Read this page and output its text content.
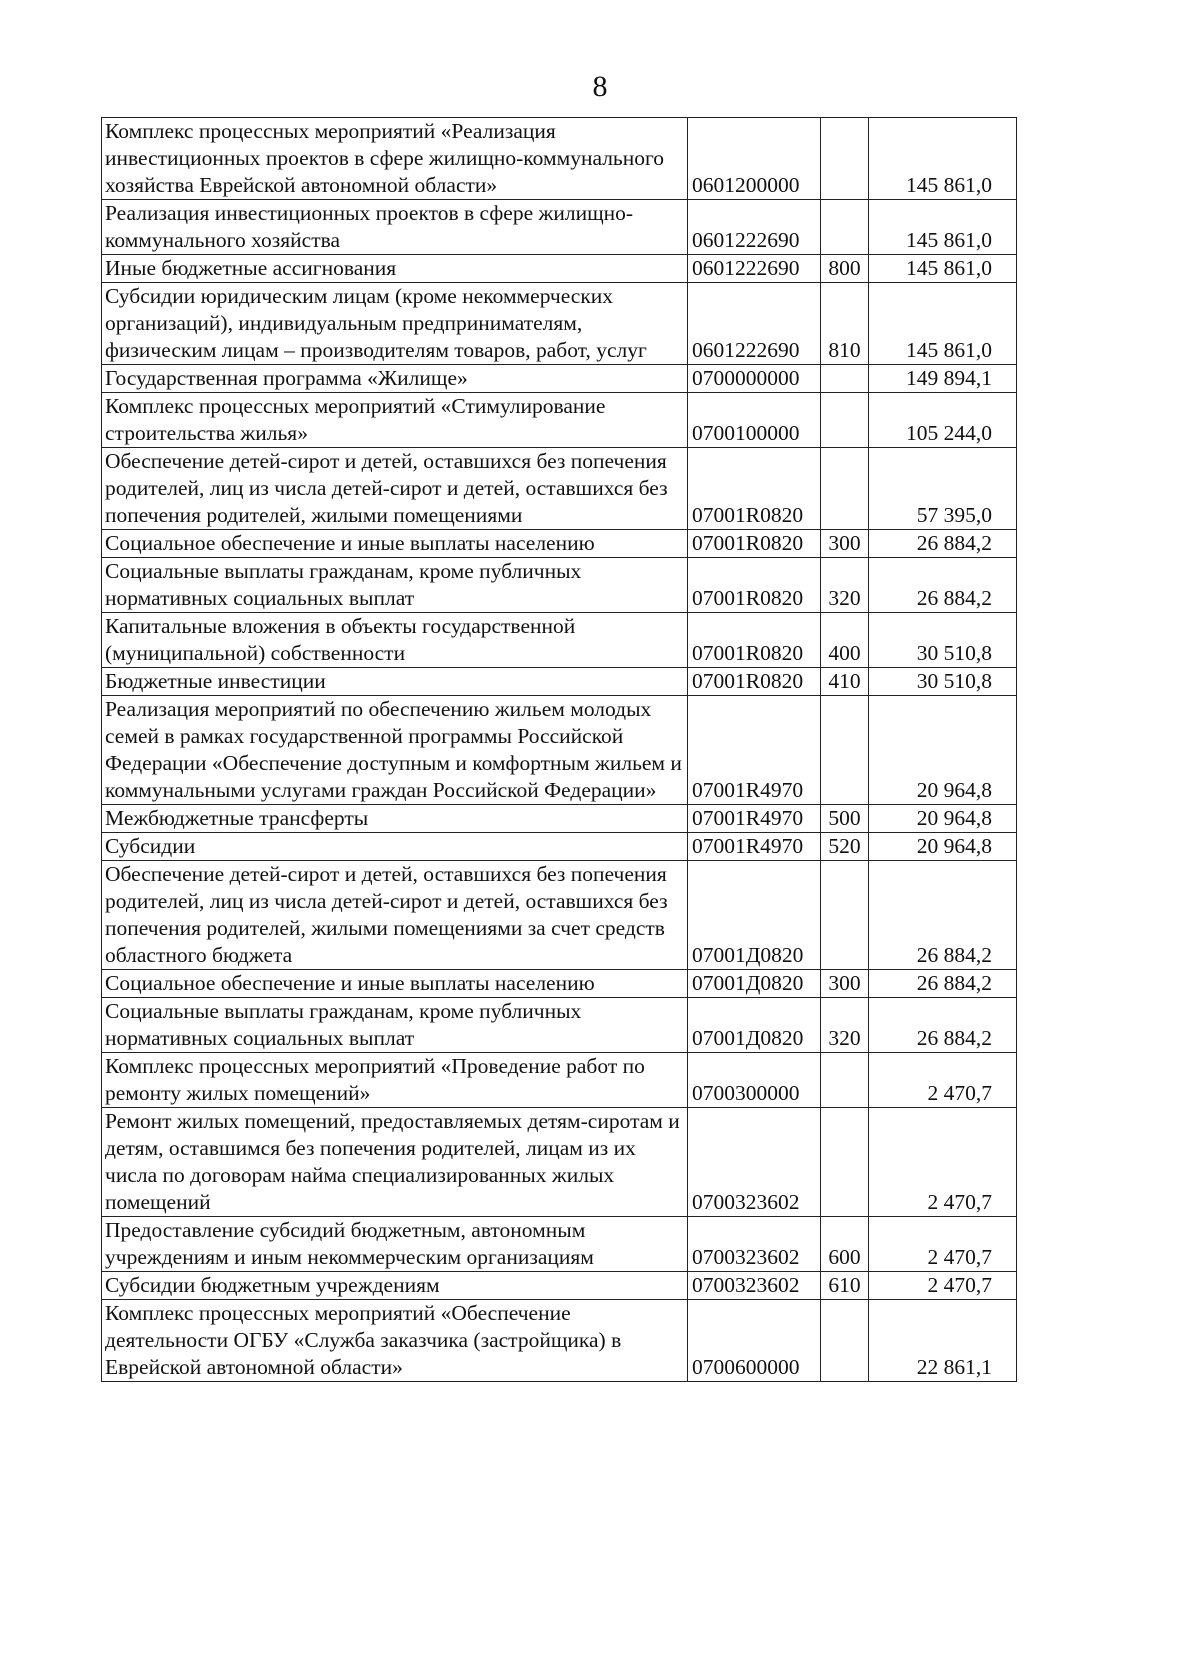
8
Комплекс процессных мероприятий «Реализация инвестиционных проектов в сфере жилищно-коммунального хозяйства Еврейской автономной области»	0601200000		145 861,0
Реализация инвестиционных проектов в сфере жилищно-коммунального хозяйства	0601222690		145 861,0
Иные бюджетные ассигнования	0601222690	800	145 861,0
Субсидии юридическим лицам (кроме некоммерческих организаций), индивидуальным предпринимателям, физическим лицам – производителям товаров, работ, услуг	0601222690	810	145 861,0
Государственная программа «Жилище»	0700000000		149 894,1
Комплекс процессных мероприятий «Стимулирование строительства жилья»	0700100000		105 244,0
Обеспечение детей-сирот и детей, оставшихся без попечения родителей, лиц из числа детей-сирот и детей, оставшихся без попечения родителей, жилыми помещениями	07001R0820		57 395,0
Социальное обеспечение и иные выплаты населению	07001R0820	300	26 884,2
Социальные выплаты гражданам, кроме публичных нормативных социальных выплат	07001R0820	320	26 884,2
Капитальные вложения в объекты государственной (муниципальной) собственности	07001R0820	400	30 510,8
Бюджетные инвестиции	07001R0820	410	30 510,8
Реализация мероприятий по обеспечению жильем молодых семей в рамках государственной программы Российской Федерации «Обеспечение доступным и комфортным жильем и коммунальными услугами граждан Российской Федерации»	07001R4970		20 964,8
Межбюджетные трансферты	07001R4970	500	20 964,8
Субсидии	07001R4970	520	20 964,8
Обеспечение детей-сирот и детей, оставшихся без попечения родителей, лиц из числа детей-сирот и детей, оставшихся без попечения родителей, жилыми помещениями за счет средств областного бюджета	07001Д0820		26 884,2
Социальное обеспечение и иные выплаты населению	07001Д0820	300	26 884,2
Социальные выплаты гражданам, кроме публичных нормативных социальных выплат	07001Д0820	320	26 884,2
Комплекс процессных мероприятий «Проведение работ по ремонту жилых помещений»	0700300000		2 470,7
Ремонт жилых помещений, предоставляемых детям-сиротам и детям, оставшимся без попечения родителей, лицам из их числа по договорам найма специализированных жилых помещений	0700323602		2 470,7
Предоставление субсидий бюджетным, автономным учреждениям и иным некоммерческим организациям	0700323602	600	2 470,7
Субсидии бюджетным учреждениям	0700323602	610	2 470,7
Комплекс процессных мероприятий «Обеспечение деятельности ОГБУ «Служба заказчика (застройщика) в Еврейской автономной области»	0700600000		22 861,1
